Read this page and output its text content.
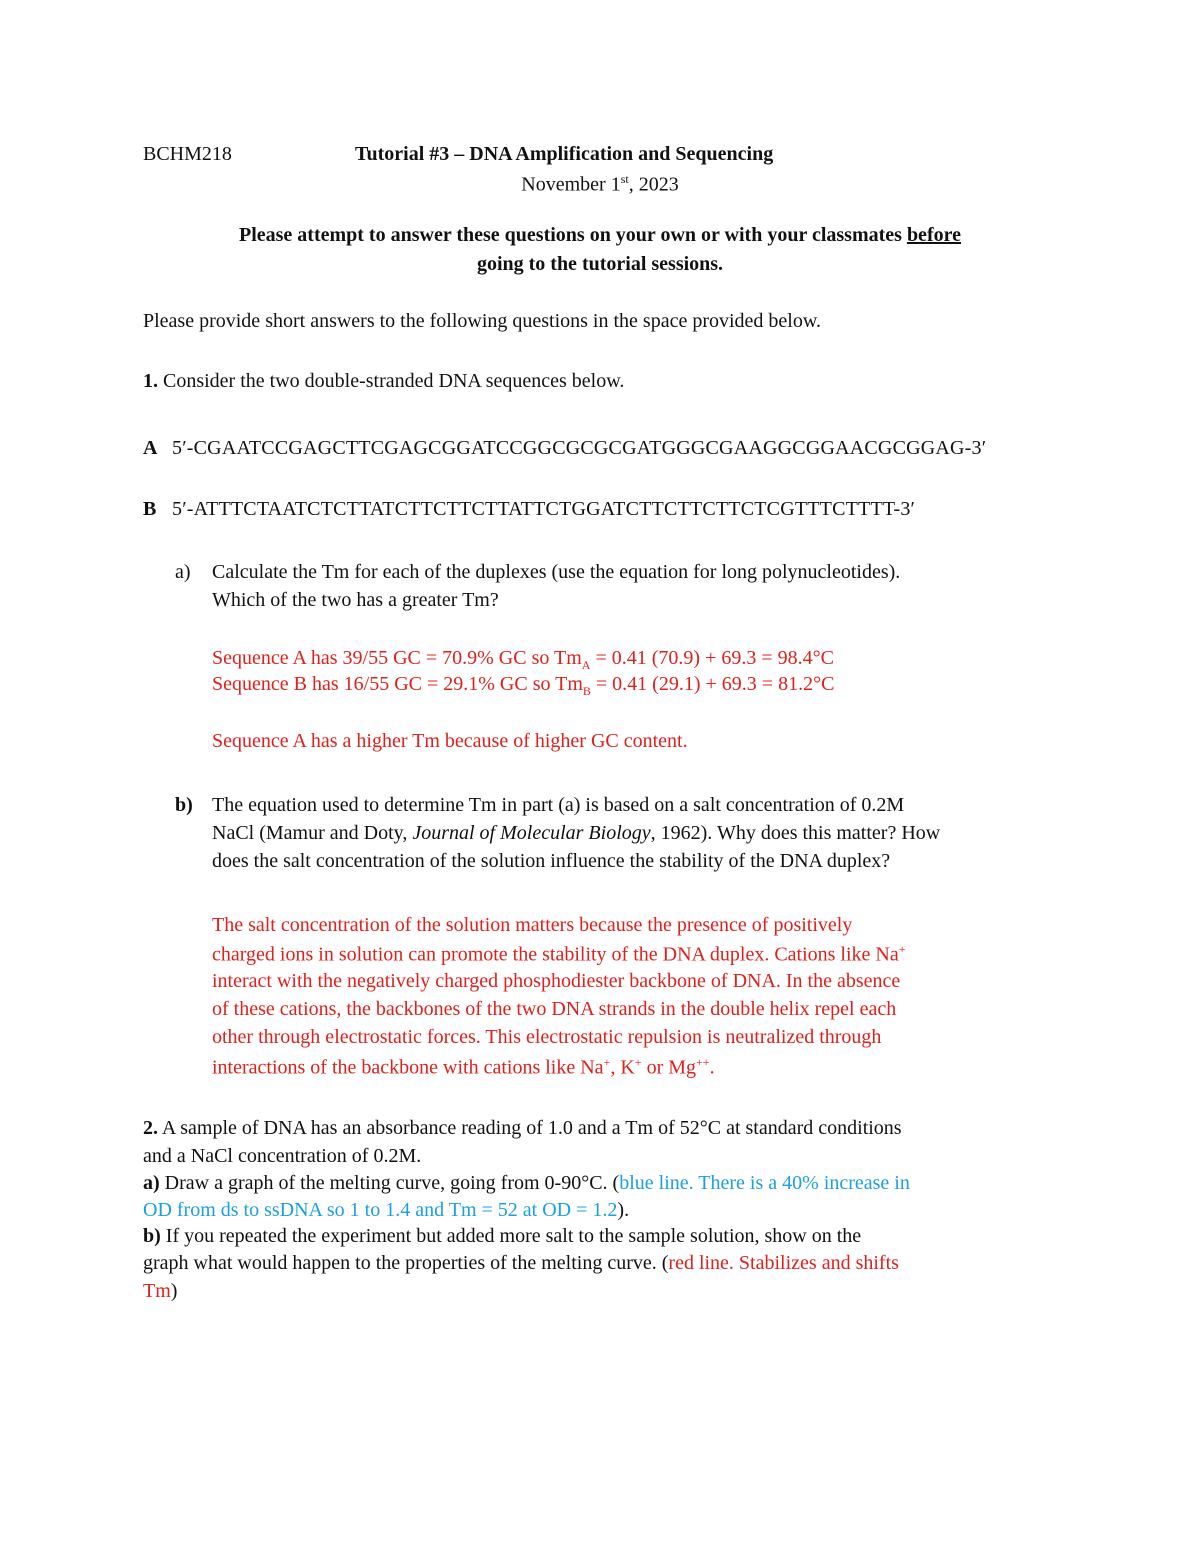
BCHM218	Tutorial #3 – DNA Amplification and Sequencing
November 1st, 2023
Please attempt to answer these questions on your own or with your classmates before
going to the tutorial sessions.
Please provide short answers to the following questions in the space provided below.
1. Consider the two double-stranded DNA sequences below.
A 5′-CGAATCCGAGCTTCGAGCGGATCCGGCGCGCGATGGGCGAAGGCGGAACGCGGAG-3′
B 5′-ATTTCTAATCTCTTATCTTCTTCTTATTCTGGATCTTCTTCTTCTCGTTTCTTTT-3′
a) Calculate the Tm for each of the duplexes (use the equation for long polynucleotides).
Which of the two has a greater Tm?
Sequence A has 39/55 GC = 70.9% GC so $Tm_A = 0.41$ (70.9) + 69.3 = 98.4°C
Sequence B has 16/55 GC = 29.1% GC so $Tm_B = 0.41$ (29.1) + 69.3 = 81.2°C
Sequence A has a higher Tm because of higher GC content.
b) The equation used to determine Tm in part (a) is based on a salt concentration of 0.2M
NaCl (Mamur and Doty, Journal of Molecular Biology, 1962). Why does this matter? How
does the salt concentration of the solution influence the stability of the DNA duplex?
The salt concentration of the solution matters because the presence of positively
charged ions in solution can promote the stability of the DNA duplex. Cations like Na+
interact with the negatively charged phosphodiester backbone of DNA. In the absence
of these cations, the backbones of the two DNA strands in the double helix repel each
other through electrostatic forces. This electrostatic repulsion is neutralized through
interactions of the backbone with cations like Na+, K+ or Mg++.
2. A sample of DNA has an absorbance reading of 1.0 and a Tm of 52°C at standard conditions
and a NaCl concentration of 0.2M.
a) Draw a graph of the melting curve, going from 0-90°C. (blue line. There is a 40% increase in
OD from ds to ssDNA so 1 to 1.4 and Tm = 52 at OD = 1.2).
b) If you repeated the experiment but added more salt to the sample solution, show on the
graph what would happen to the properties of the melting curve. (red line. Stabilizes and shifts
Tm)
